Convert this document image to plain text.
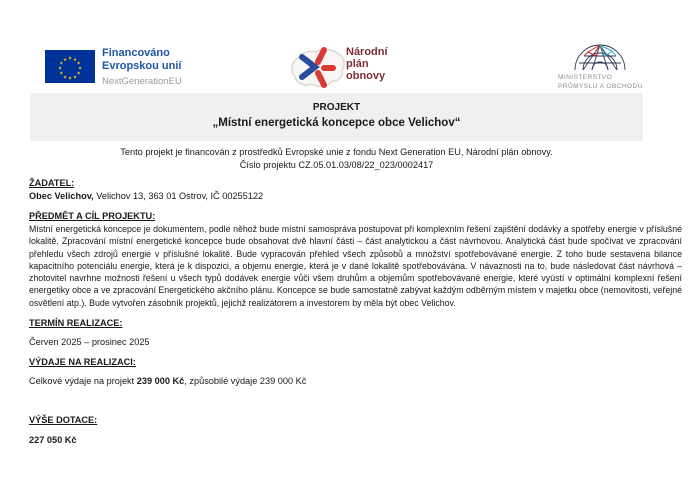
★ ★
★
★
★
★
★
★
★
★
★
★
Financováno
Evropskou unií
NextGenerationEU
Národní
plán
obnovy	MINISTERSTVO
PRŮMYSLU A OBCHODU
PROJEKT
„Místní energetická koncepce obce Velichov“
Tento projekt je financován z prostředků Evropské unie z fondu Next Generation EU, Národní plán obnovy.
Číslo projektu CZ.05.01.03/08/22_023/0002417
ŽADATEL:
Obec Velichov, Velichov 13, 363 01 Ostrov, IČ 00255122
PŘEDMĚT A CÍL PROJEKTU:

Místní energetická koncepce je dokumentem, podle něhož bude místní samospráva postupovat při komplexním řešení zajištění dodávky a spotřeby energie v příslušné lokalitě. Zpracování místní energetické koncepce bude obsahovat dvě hlavní části – část analytickou a část návrhovou. Analytická část bude spočívat ve zpracování přehledu všech zdrojů energie v příslušné lokalitě. Bude vypracován přehled všech způsobů a množství spotřebovávané energie. Z toho bude sestavena bilance kapacitního potenciálu energie, která je k dispozici, a objemu energie, která je v dané lokalitě spotřebovávána. V návaznosti na to, bude následovat část návrhová – zhotovitel navrhne možnosti řešení u všech typů dodávek energie vůči všem druhům a objemům spotřebovávané energie, které vyústí v optimální komplexní řešení energetiky obce a ve zpracování Energetického akčního plánu. Koncepce se bude samostatně zabývat každým odběrným místem v majetku obce (nemovitosti, veřejné osvětlení atp.). Bude vytvořen zásobník projektů, jejichž realizátorem a investorem by měla být obec Velichov.

TERMÍN REALIZACE:
Červen 2025 – prosinec 2025
VÝDAJE NA REALIZACI:
Celkové výdaje na projekt 239 000 Kč, způsobilé výdaje 239 000 Kč
VÝŠE DOTACE:
227 050 Kč
